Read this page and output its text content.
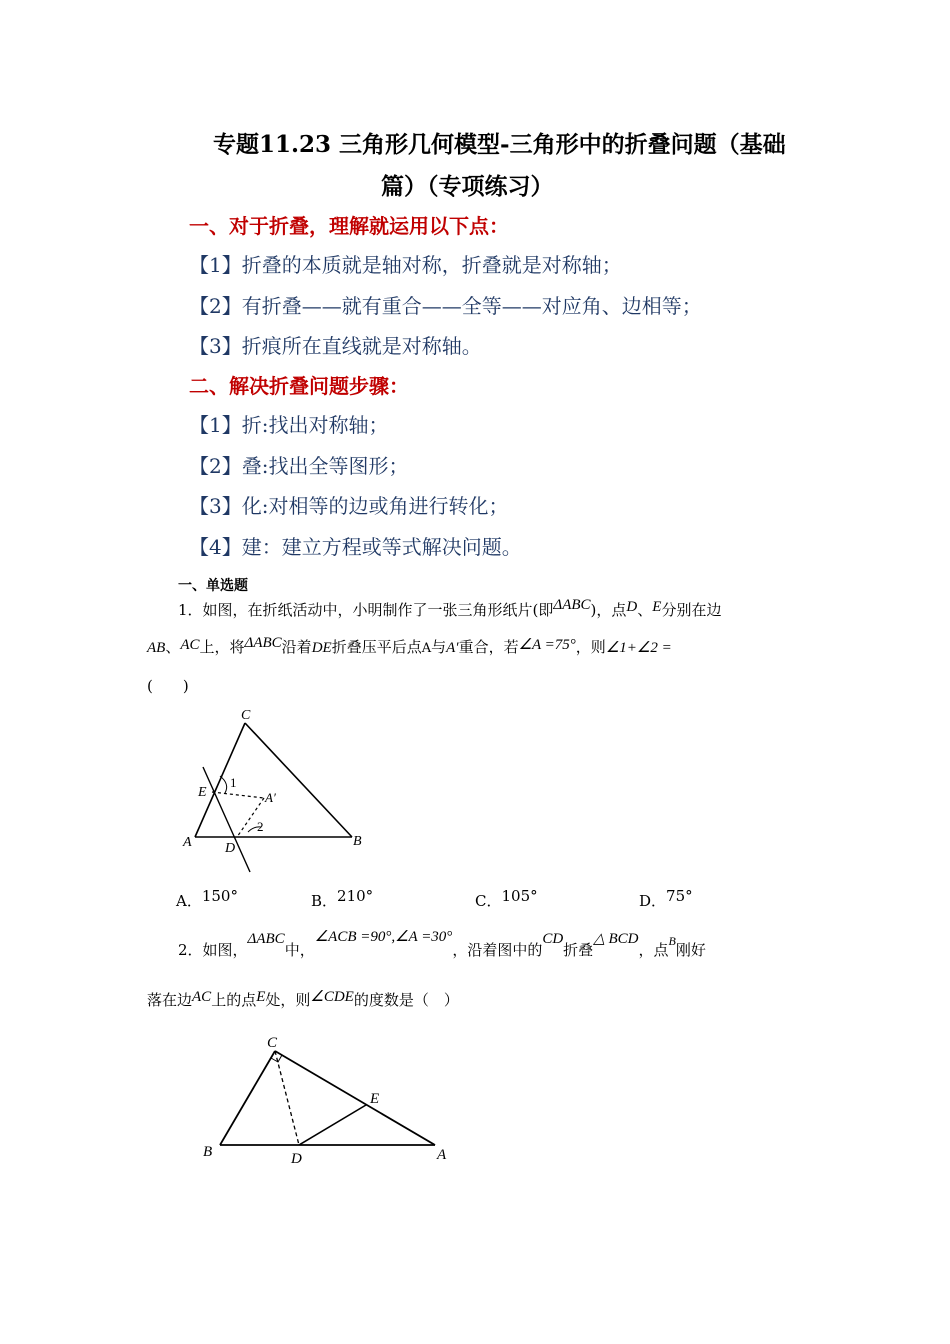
专题11.23 三角形几何模型-三角形中的折叠问题（基础
篇）（专项练习）
一、对于折叠，理解就运用以下点：
【1】折叠的本质就是轴对称，折叠就是对称轴；
【2】有折叠——就有重合——全等——对应角、边相等；
【3】折痕所在直线就是对称轴。
二、解决折叠问题步骤：
【1】折:找出对称轴；
【2】叠:找出全等图形；
【3】化:对相等的边或角进行转化；
【4】建：建立方程或等式解决问题。
一、单选题
1．如图，在折纸活动中，小明制作了一张三角形纸片(即ΔABC)，点D、E分别在边
AB、AC上，将ΔABC沿着DE折叠压平后点A与A′重合，若∠A =75°，则∠1+∠2 =
(　　)
C
E	A′
A D	B
1
2
A．150°	B．210°	C．105°	D．75°
2．如图，ΔABC中，∠ACB =90°,∠A =30°，沿着图中的CD折叠△ BCD，点$^B$刚好
落在边AC上的点E处，则∠CDE的度数是（　）
C
E
B	D	A
